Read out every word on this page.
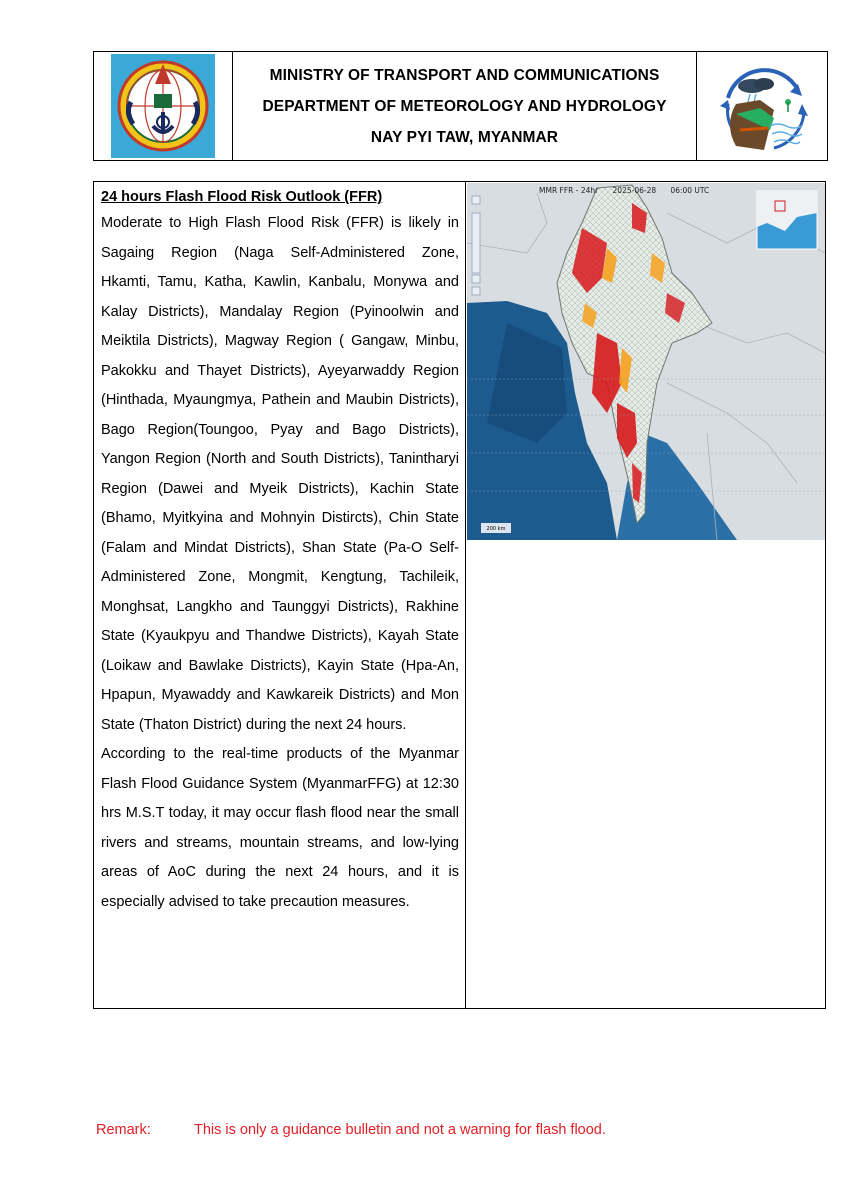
MINISTRY OF TRANSPORT AND COMMUNICATIONS
DEPARTMENT OF METEOROLOGY AND HYDROLOGY
NAY PYI TAW, MYANMAR

24 hours Flash Flood Risk Outlook (FFR)

Moderate to High Flash Flood Risk (FFR) is likely in Sagaing Region (Naga Self-Administered Zone, Hkamti, Tamu, Katha, Kawlin, Kanbalu, Monywa and Kalay Districts), Mandalay Region (Pyinoolwin and Meiktila Districts), Magway Region ( Gangaw, Minbu, Pakokku and Thayet Districts), Ayeyarwaddy Region (Hinthada, Myaungmya, Pathein and Maubin Districts), Bago Region(Toungoo, Pyay and Bago Districts), Yangon Region (North and South Districts), Tanintharyi Region (Dawei and Myeik Districts), Kachin State (Bhamo, Myitkyina and Mohnyin Distircts), Chin State (Falam and Mindat Districts), Shan State (Pa-O Self-Administered Zone, Mongmit, Kengtung, Tachileik, Monghsat, Langkho and Taunggyi Districts), Rakhine State (Kyaukpyu and Thandwe Districts), Kayah State (Loikaw and Bawlake Districts), Kayin State (Hpa-An, Hpapun, Myawaddy and Kawkareik Districts) and Mon State (Thaton District) during the next 24 hours.

According to the real-time products of the Myanmar Flash Flood Guidance System (MyanmarFFG) at 12:30 hrs M.S.T today, it may occur flash flood near the small rivers and streams, mountain streams, and low-lying areas of AoC during the next 24 hours, and it is especially advised to take precaution measures.

200 km
MMR FFR - 24hr      2025-06-28      06:00 UTC
Remark:	This is only a guidance bulletin and not a warning for flash flood.
